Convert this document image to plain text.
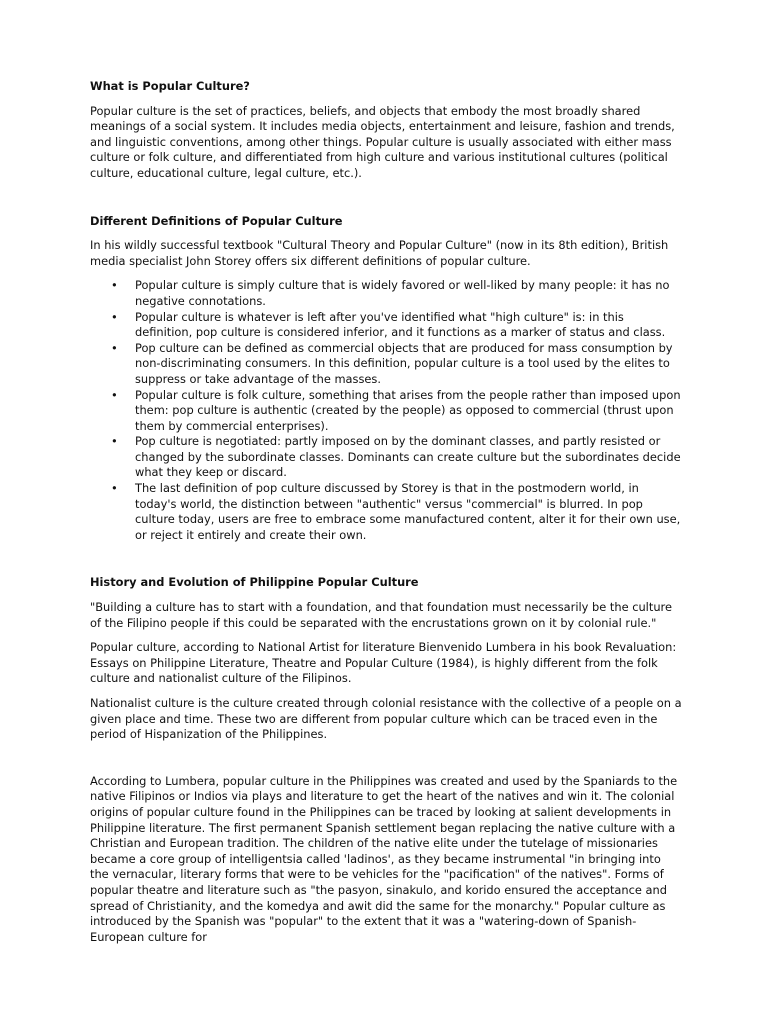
What is Popular Culture?

Popular culture is the set of practices, beliefs, and objects that embody the most broadly shared meanings of a social system. It includes media objects, entertainment and leisure, fashion and trends, and linguistic conventions, among other things. Popular culture is usually associated with either mass culture or folk culture, and differentiated from high culture and various institutional cultures (political culture, educational culture, legal culture, etc.).

Different Definitions of Popular Culture

In his wildly successful textbook "Cultural Theory and Popular Culture" (now in its 8th edition), British media specialist John Storey offers six different definitions of popular culture.

• Popular culture is simply culture that is widely favored or well-liked by many people: it has no negative connotations.
• Popular culture is whatever is left after you've identified what "high culture" is: in this definition, pop culture is considered inferior, and it functions as a marker of status and class.
• Pop culture can be defined as commercial objects that are produced for mass consumption by non-discriminating consumers. In this definition, popular culture is a tool used by the elites to suppress or take advantage of the masses.
• Popular culture is folk culture, something that arises from the people rather than imposed upon them: pop culture is authentic (created by the people) as opposed to commercial (thrust upon them by commercial enterprises).
• Pop culture is negotiated: partly imposed on by the dominant classes, and partly resisted or changed by the subordinate classes. Dominants can create culture but the subordinates decide what they keep or discard.
• The last definition of pop culture discussed by Storey is that in the postmodern world, in today's world, the distinction between "authentic" versus "commercial" is blurred. In pop culture today, users are free to embrace some manufactured content, alter it for their own use, or reject it entirely and create their own.

History and Evolution of Philippine Popular Culture

"Building a culture has to start with a foundation, and that foundation must necessarily be the culture of the Filipino people if this could be separated with the encrustations grown on it by colonial rule."

Popular culture, according to National Artist for literature Bienvenido Lumbera in his book Revaluation: Essays on Philippine Literature, Theatre and Popular Culture (1984), is highly different from the folk culture and nationalist culture of the Filipinos.

Nationalist culture is the culture created through colonial resistance with the collective of a people on a given place and time. These two are different from popular culture which can be traced even in the period of Hispanization of the Philippines.

According to Lumbera, popular culture in the Philippines was created and used by the Spaniards to the native Filipinos or Indios via plays and literature to get the heart of the natives and win it. The colonial origins of popular culture found in the Philippines can be traced by looking at salient developments in Philippine literature. The first permanent Spanish settlement began replacing the native culture with a Christian and European tradition. The children of the native elite under the tutelage of missionaries became a core group of intelligentsia called 'ladinos', as they became instrumental "in bringing into the vernacular, literary forms that were to be vehicles for the "pacification" of the natives". Forms of popular theatre and literature such as "the pasyon, sinakulo, and korido ensured the acceptance and spread of Christianity, and the komedya and awit did the same for the monarchy." Popular culture as introduced by the Spanish was "popular" to the extent that it was a "watering-down of Spanish-European culture for
